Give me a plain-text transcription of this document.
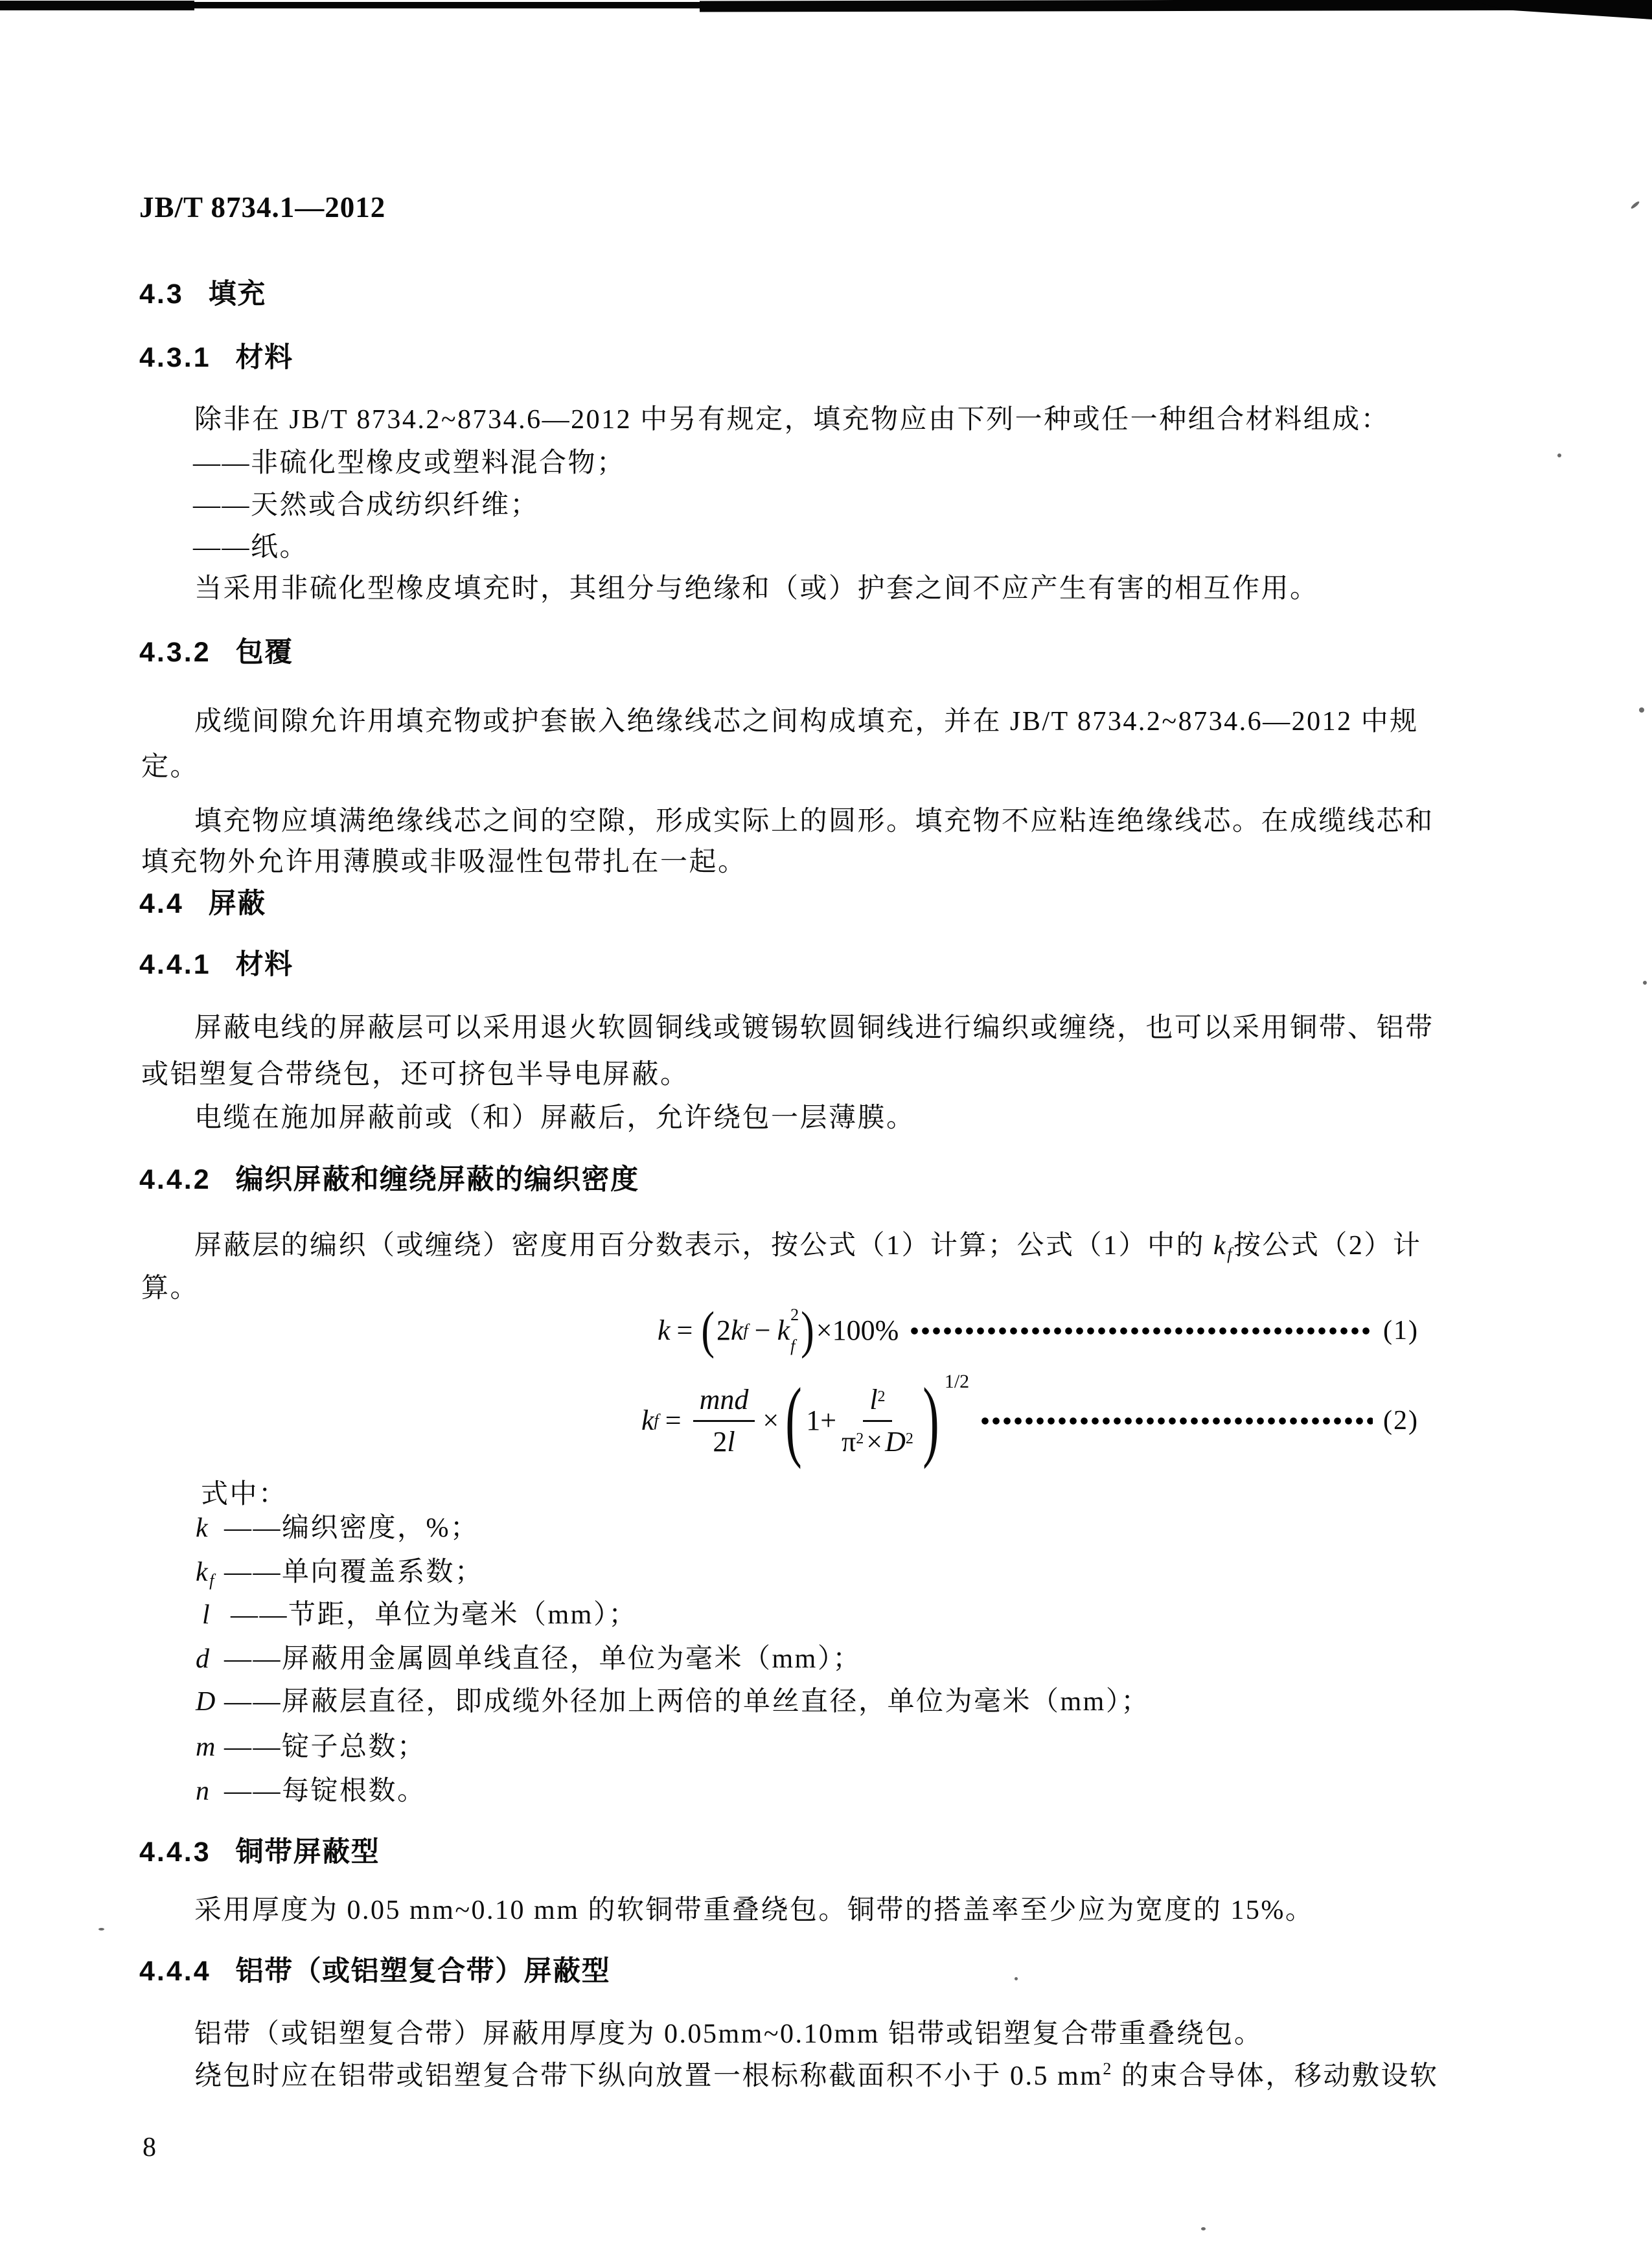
JB/T 8734.1—2012
4.3 填充
4.3.1 材料
除非在 JB/T 8734.2~8734.6—2012 中另有规定，填充物应由下列一种或任一种组合材料组成：
——非硫化型橡皮或塑料混合物；
——天然或合成纺织纤维；
——纸。
当采用非硫化型橡皮填充时，其组分与绝缘和（或）护套之间不应产生有害的相互作用。
4.3.2 包覆
成缆间隙允许用填充物或护套嵌入绝缘线芯之间构成填充，并在 JB/T 8734.2~8734.6—2012 中规
定。
填充物应填满绝缘线芯之间的空隙，形成实际上的圆形。填充物不应粘连绝缘线芯。在成缆线芯和
填充物外允许用薄膜或非吸湿性包带扎在一起。
4.4 屏蔽
4.4.1 材料
屏蔽电线的屏蔽层可以采用退火软圆铜线或镀锡软圆铜线进行编织或缠绕，也可以采用铜带、铝带
或铝塑复合带绕包，还可挤包半导电屏蔽。
电缆在施加屏蔽前或（和）屏蔽后，允许绕包一层薄膜。
4.4.2 编织屏蔽和缠绕屏蔽的编织密度
屏蔽层的编织（或缠绕）密度用百分数表示，按公式（1）计算；公式（1）中的 $k_f$按公式（2）计
算。
k = ( 2 k f − k 2
f ) ×100%	(1)
k $f = \frac{\text{mnd}}{2l}$ × ( $1+ \frac{l^2}{\pi^2\times D^2}$ ) 1/2
(2)
式中：
k ——编织密度，%；
$k_f$ ——单向覆盖系数；
l ——节距，单位为毫米（mm）；
d ——屏蔽用金属圆单线直径，单位为毫米（mm）；
D ——屏蔽层直径，即成缆外径加上两倍的单丝直径，单位为毫米（mm）；
m ——锭子总数；
n ——每锭根数。
4.4.3 铜带屏蔽型
采用厚度为 0.05 mm~0.10 mm 的软铜带重叠绕包。铜带的搭盖率至少应为宽度的 15%。
4.4.4 铝带（或铝塑复合带）屏蔽型
铝带（或铝塑复合带）屏蔽用厚度为 0.05mm~0.10mm 铝带或铝塑复合带重叠绕包。
绕包时应在铝带或铝塑复合带下纵向放置一根标称截面积不小于 0.5 $mm^2$ 的束合导体，移动敷设软
8
